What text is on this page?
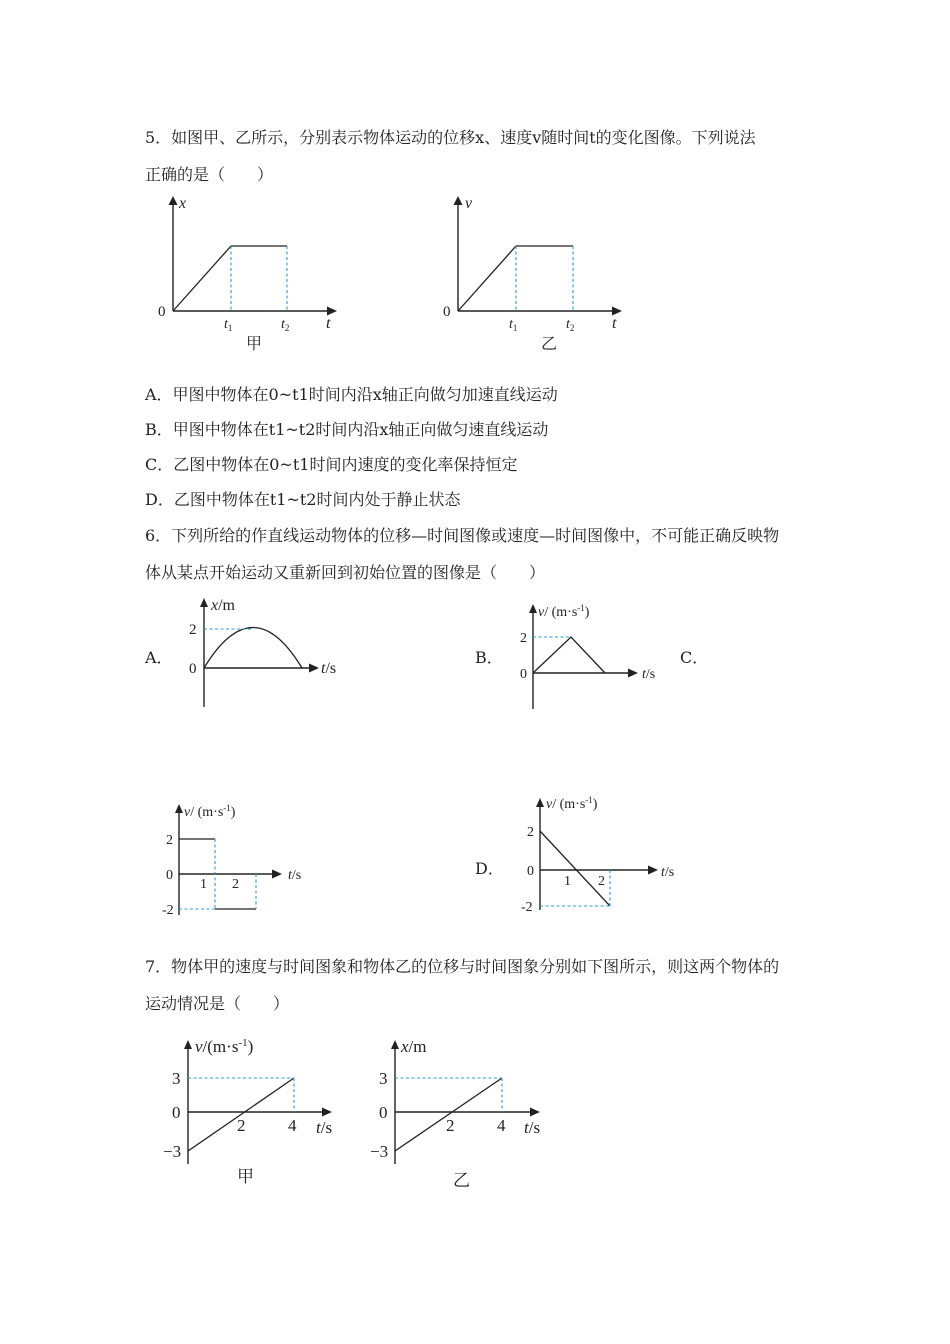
5．如图甲、乙所示，分别表示物体运动的位移x、速度v随时间t的变化图像。下列说法
正确的是（　　）
x
0
t
$t_1$	$t_2$
甲
v
0
t
$t_1$	$t_2$
乙
A．甲图中物体在0~t1时间内沿x轴正向做匀加速直线运动
B．甲图中物体在t1~t2时间内沿x轴正向做匀速直线运动
C．乙图中物体在0~t1时间内速度的变化率保持恒定
D．乙图中物体在t1~t2时间内处于静止状态
6．下列所给的作直线运动物体的位移—时间图像或速度—时间图像中，不可能正确反映物
体从某点开始运动又重新回到初始位置的图像是（　　）
A．
x/m
2
0	t/s
B．
v/ $(m\cdot s^{-1})$
2
0	t/s
C．
v/ $(m\cdot s^{-1})$
2
0
-2
1 2
t/s	D．
v/ $(m\cdot s^{-1})$
2
0
-2
1 2
t/s
7．物体甲的速度与时间图象和物体乙的位移与时间图象分别如下图所示，则这两个物体的
运动情况是（　　）
$v/(m\cdot s^{-1})$
3
0
−3
2	4 t/s
甲
x/m
3
0
−3
2	4 t/s
乙
